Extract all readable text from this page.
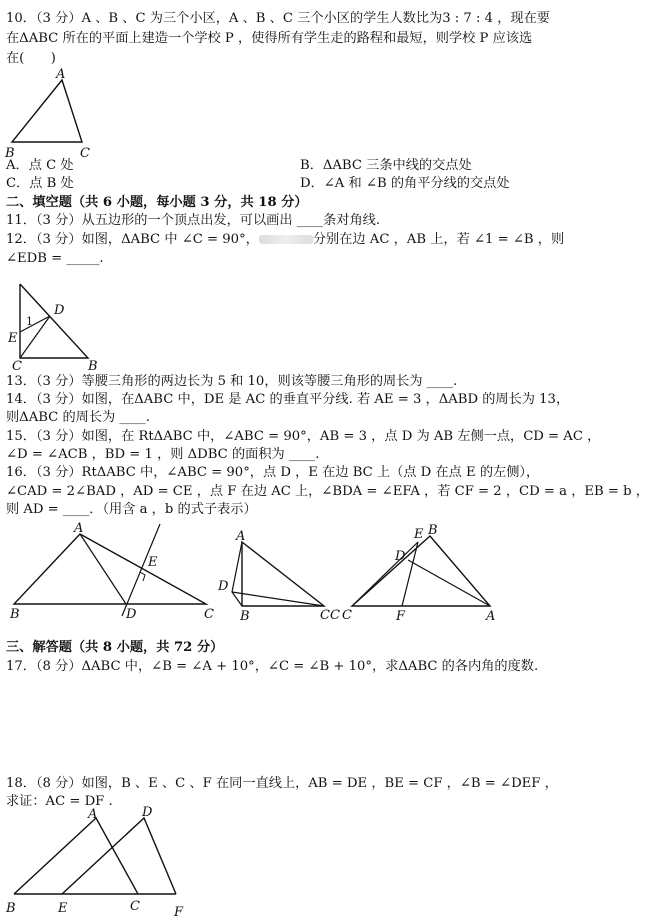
10．（3 分）A 、B 、C 为三个小区，A 、B 、C 三个小区的学生人数比为3 : 7 : 4 ，现在要
在ΔABC 所在的平面上建造一个学校 P ，使得所有学生走的路程和最短，则学校 P 应该选
在(　　)
A
B	C
A．点 C 处	B．ΔABC 三条中线的交点处
C．点 B 处	D．∠A 和 ∠B 的角平分线的交点处
二、填空题（共 6 小题，每小题 3 分，共 18 分）
11．（3 分）从五边形的一个顶点出发，可以画出 ____条对角线.
12．（3 分）如图，ΔABC 中 ∠C = 90°，	分别在边 AC ，AB 上，若 ∠1 = ∠B ，则
∠EDB = _____.
D
1
E
C	B
13．（3 分）等腰三角形的两边长为 5 和 10，则该等腰三角形的周长为 ____.
14．（3 分）如图，在ΔABC 中，DE 是 AC 的垂直平分线. 若 AE = 3 ，ΔABD 的周长为 13，
则ΔABC 的周长为 ____.
15．（3 分）如图，在 RtΔABC 中，∠ABC = 90°，AB = 3 ，点 D 为 AB 左侧一点，CD = AC ，
∠D = ∠ACB ，BD = 1 ，则 ΔDBC 的面积为 ____.
16．（3 分）RtΔABC 中，∠ABC = 90°，点 D ，E 在边 BC 上（点 D 在点 E 的左侧），
∠CAD = 2∠BAD ，AD = CE ，点 F 在边 AC 上，∠BDA = ∠EFA ，若 CF = 2 ，CD = a ，EB = b ，
则 AD = ____．（用含 a ，b 的式子表示）
A
E
B	D	C
A
D
B	CC
E B
D
C	F	A
三、解答题（共 8 小题，共 72 分）
17．（8 分）ΔABC 中，∠B = ∠A + 10°，∠C = ∠B + 10°，求ΔABC 的各内角的度数.
18．（8 分）如图，B 、E 、C 、F 在同一直线上，AB = DE ，BE = CF ，∠B = ∠DEF ，
求证：AC = DF .
A	D
B	E	C	F
